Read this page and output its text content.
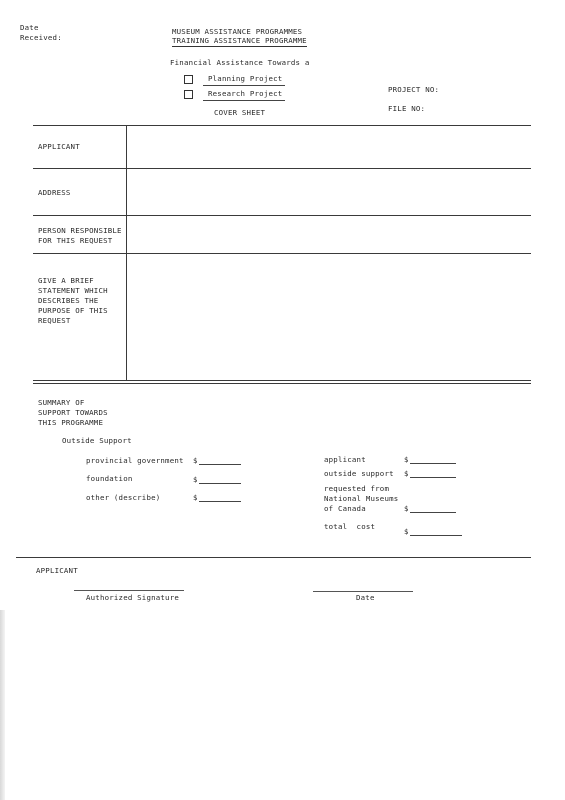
Date
Received:
MUSEUM ASSISTANCE PROGRAMMES
TRAINING ASSISTANCE PROGRAMME
Financial Assistance Towards a
Planning Project
Research Project
COVER SHEET
PROJECT NO:
FILE NO:
APPLICANT
ADDRESS
PERSON RESPONSIBLE
FOR THIS REQUEST
GIVE A BRIEF
STATEMENT WHICH
DESCRIBES THE
PURPOSE OF THIS
REQUEST
SUMMARY OF
SUPPORT TOWARDS
THIS PROGRAMME
Outside Support
provincial government $
foundation	$
other (describe)	$
applicant	$
outside support $
requested from
National Museums
of Canada	$
total  cost
$
APPLICANT
Authorized Signature	Date
